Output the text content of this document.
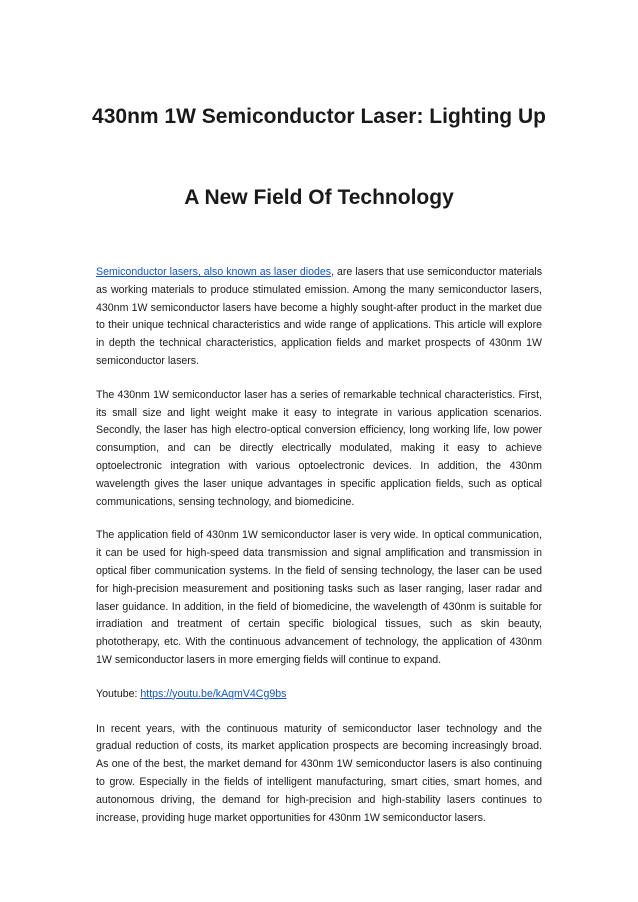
430nm 1W Semiconductor Laser: Lighting Up
A New Field Of Technology

Semiconductor lasers, also known as laser diodes, are lasers that use semiconductor materials as working materials to produce stimulated emission. Among the many semiconductor lasers, 430nm 1W semiconductor lasers have become a highly sought-after product in the market due to their unique technical characteristics and wide range of applications. This article will explore in depth the technical characteristics, application fields and market prospects of 430nm 1W semiconductor lasers.

The 430nm 1W semiconductor laser has a series of remarkable technical characteristics. First, its small size and light weight make it easy to integrate in various application scenarios. Secondly, the laser has high electro-optical conversion efficiency, long working life, low power consumption, and can be directly electrically modulated, making it easy to achieve optoelectronic integration with various optoelectronic devices. In addition, the 430nm wavelength gives the laser unique advantages in specific application fields, such as optical communications, sensing technology, and biomedicine.

The application field of 430nm 1W semiconductor laser is very wide. In optical communication, it can be used for high-speed data transmission and signal amplification and transmission in optical fiber communication systems. In the field of sensing technology, the laser can be used for high-precision measurement and positioning tasks such as laser ranging, laser radar and laser guidance. In addition, in the field of biomedicine, the wavelength of 430nm is suitable for irradiation and treatment of certain specific biological tissues, such as skin beauty, phototherapy, etc. With the continuous advancement of technology, the application of 430nm 1W semiconductor lasers in more emerging fields will continue to expand.

Youtube: https://youtu.be/kAqmV4Cg9bs

In recent years, with the continuous maturity of semiconductor laser technology and the gradual reduction of costs, its market application prospects are becoming increasingly broad. As one of the best, the market demand for 430nm 1W semiconductor lasers is also continuing to grow. Especially in the fields of intelligent manufacturing, smart cities, smart homes, and autonomous driving, the demand for high-precision and high-stability lasers continues to increase, providing huge market opportunities for 430nm 1W semiconductor lasers.
